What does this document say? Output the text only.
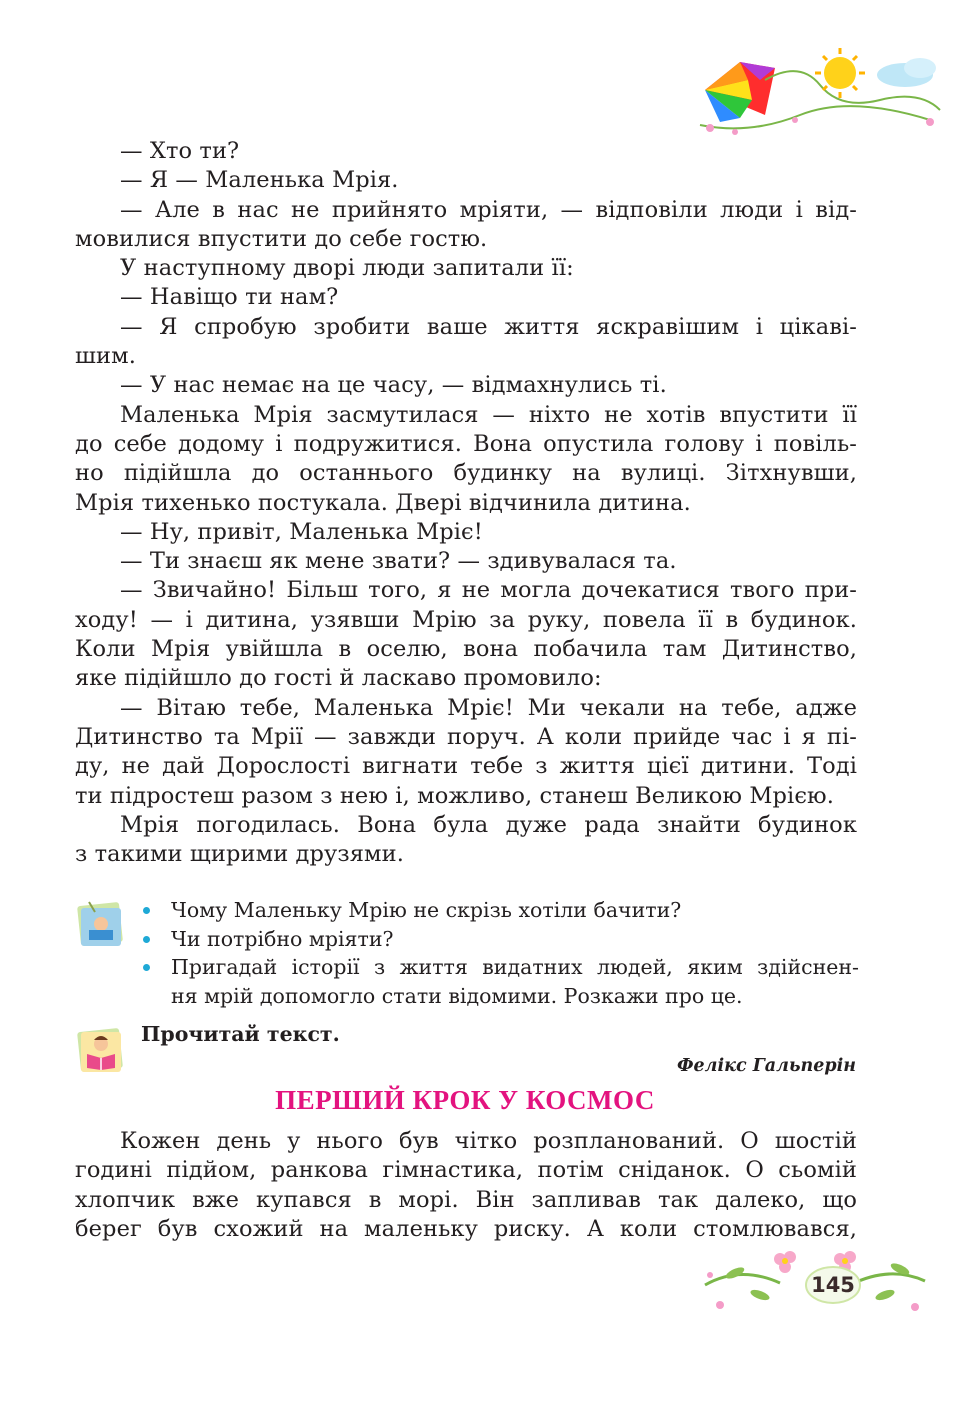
— Хто ти?

— Я — Маленька Мрія.

— Але в нас не прийнято мріяти, — відповіли люди і від-

мовилися впустити до себе гостю.

У наступному дворі люди запитали її:

— Навіщо ти нам?

— Я спробую зробити ваше життя яскравішим і цікаві-

шим.

— У нас немає на це часу, — відмахнулись ті.

Маленька Мрія засмутилася — ніхто не хотів впустити її

до себе додому і подружитися. Вона опустила голову і повіль-

но підійшла до останнього будинку на вулиці. Зітхнувши,

Мрія тихенько постукала. Двері відчинила дитина.

— Ну, привіт, Маленька Мріє!

— Ти знаєш як мене звати? — здивувалася та.

— Звичайно! Більш того, я не могла дочекатися твого при-

ходу! — і дитина, узявши Мрію за руку, повела її в будинок.

Коли Мрія увійшла в оселю, вона побачила там Дитинство,

яке підійшло до гості й ласкаво промовило:

— Вітаю тебе, Маленька Мріє! Ми чекали на тебе, адже

Дитинство та Мрії — завжди поруч. А коли прийде час і я пі-

ду, не дай Дорослості вигнати тебе з життя цієї дитини. Тоді

ти підростеш разом з нею і, можливо, станеш Великою Мрією.

Мрія погодилась. Вона була дуже рада знайти будинок

з такими щирими друзями.

Чому Маленьку Мрію не скрізь хотіли бачити?
Чи потрібно мріяти?
Пригадай історії з життя видатних людей, яким здійснен-
ня мрій допомогло стати відомими. Розкажи про це.
Прочитай текст.
Фелікс Гальперін
ПЕРШИЙ КРОК У КОСМОС

Кожен день у нього був чітко розпланований. О шостій

годині підйом, ранкова гімнастика, потім сніданок. О сьомій

хлопчик вже купався в морі. Він запливав так далеко, що

берег був схожий на маленьку риску. А коли стомлювався,

145
